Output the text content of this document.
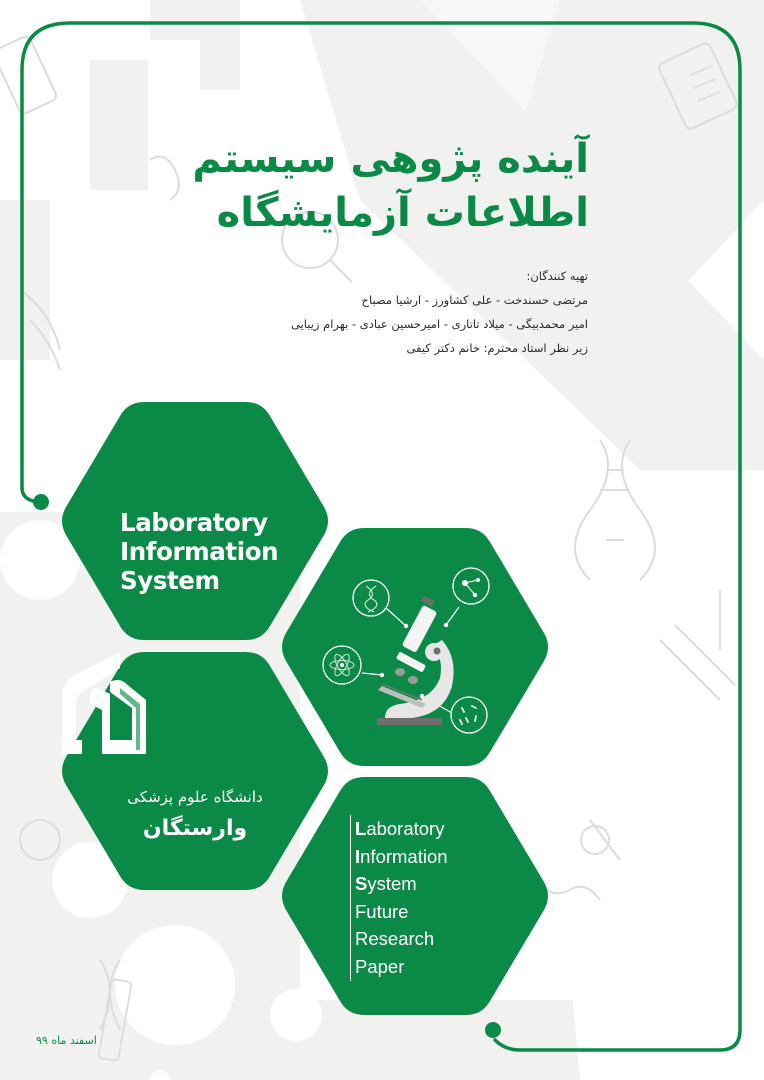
آینده پژوهی سیستم
اطلاعات آزمایشگاه
تهیه کنندگان:
مرتضی حسندخت - علی کشاورز - ارشیا مصباح
امیر محمدبیگی - میلاد تاتاری - امیرحسین عبادی - بهرام زیبایی
زیر نظر استاد محترم: خانم دکتر کیفی
Laboratory
Information
System
دانشگاه علوم پزشکی
وارستگان	Laboratory
Information
System
Future
Research
Paper
اسفند ماه ۹۹
